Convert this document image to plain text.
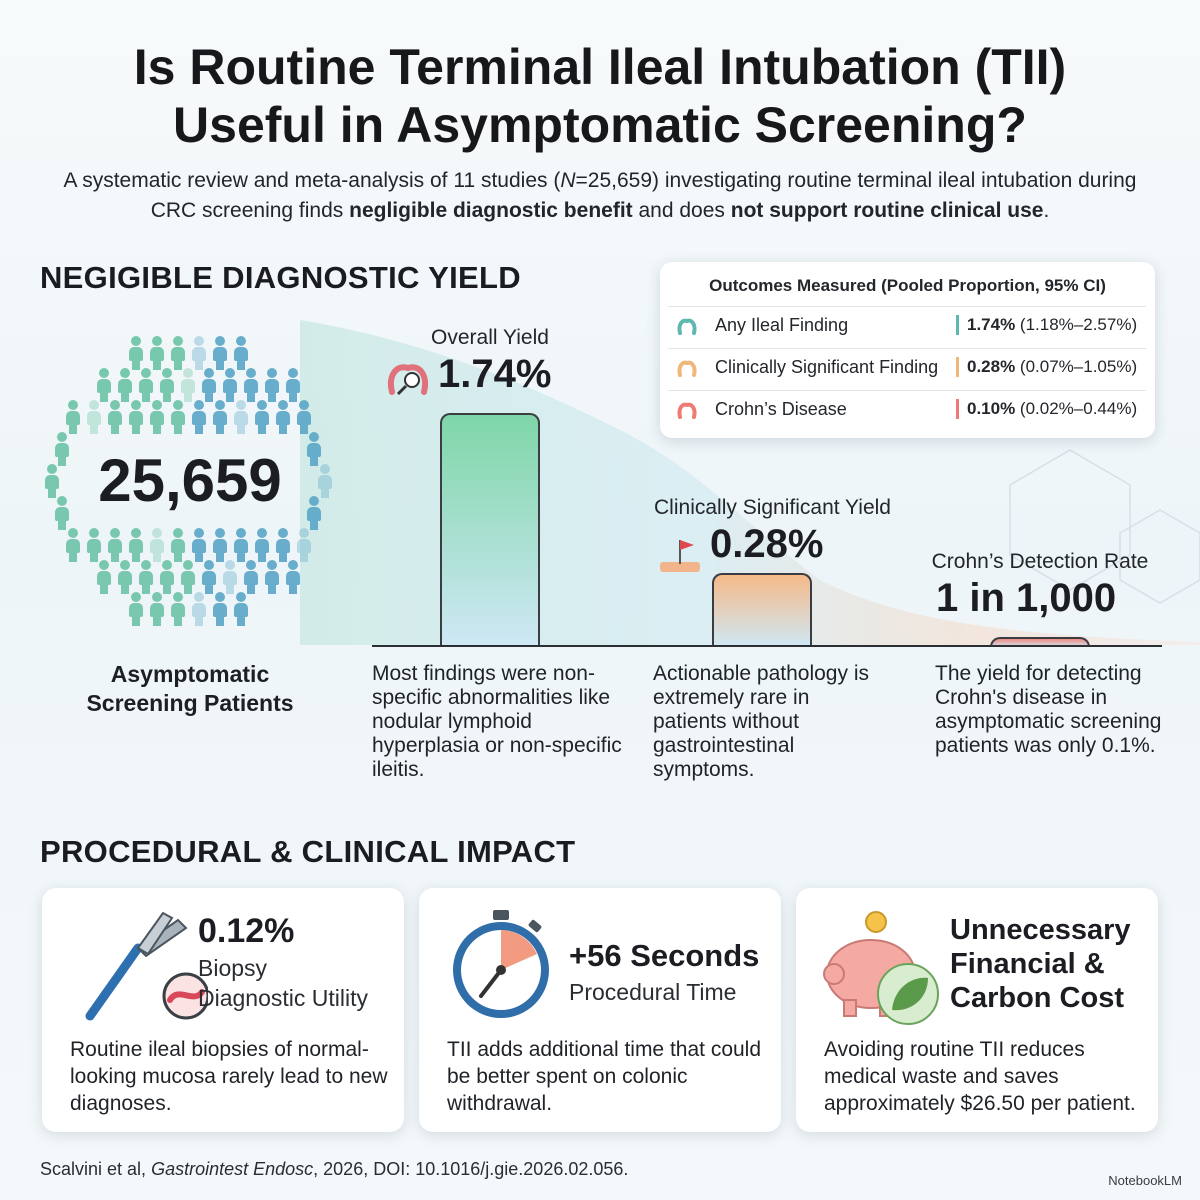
Is Routine Terminal Ileal Intubation (TII)
Useful in Asymptomatic Screening?
A systematic review and meta-analysis of 11 studies (N=25,659) investigating routine terminal ileal intubation during CRC screening finds negligible diagnostic benefit and does not support routine clinical use.
NEGIGIBLE DIAGNOSTIC YIELD	Outcomes Measured (Pooled Proportion, 95% CI)
Any Ileal Finding	1.74% (1.18%–2.57%)
Clinically Significant Finding	0.28% (0.07%–1.05%)
Crohn’s Disease	0.10% (0.02%–0.44%)
25,659
Asymptomatic Screening Patients
Overall Yield
1.74%
Most findings were non-specific abnormalities like nodular lymphoid hyperplasia or non-specific ileitis.
Clinically Significant Yield
0.28%
Actionable pathology is extremely rare in patients without gastrointestinal symptoms.
Crohn’s Detection Rate
1 in 1,000
The yield for detecting Crohn's disease in asymptomatic screening patients was only 0.1%.
PROCEDURAL & CLINICAL IMPACT
0.12%
Biopsy
Diagnostic Utility
Routine ileal biopsies of normal-looking mucosa rarely lead to new diagnoses.
+56 Seconds
Procedural Time
TII adds additional time that could be better spent on colonic withdrawal.
Unnecessary
Financial &
Carbon Cost
Avoiding routine TII reduces medical waste and saves approximately $26.50 per patient.
Scalvini et al, Gastrointest Endosc, 2026, DOI: 10.1016/j.gie.2026.02.056.
NotebookLM
